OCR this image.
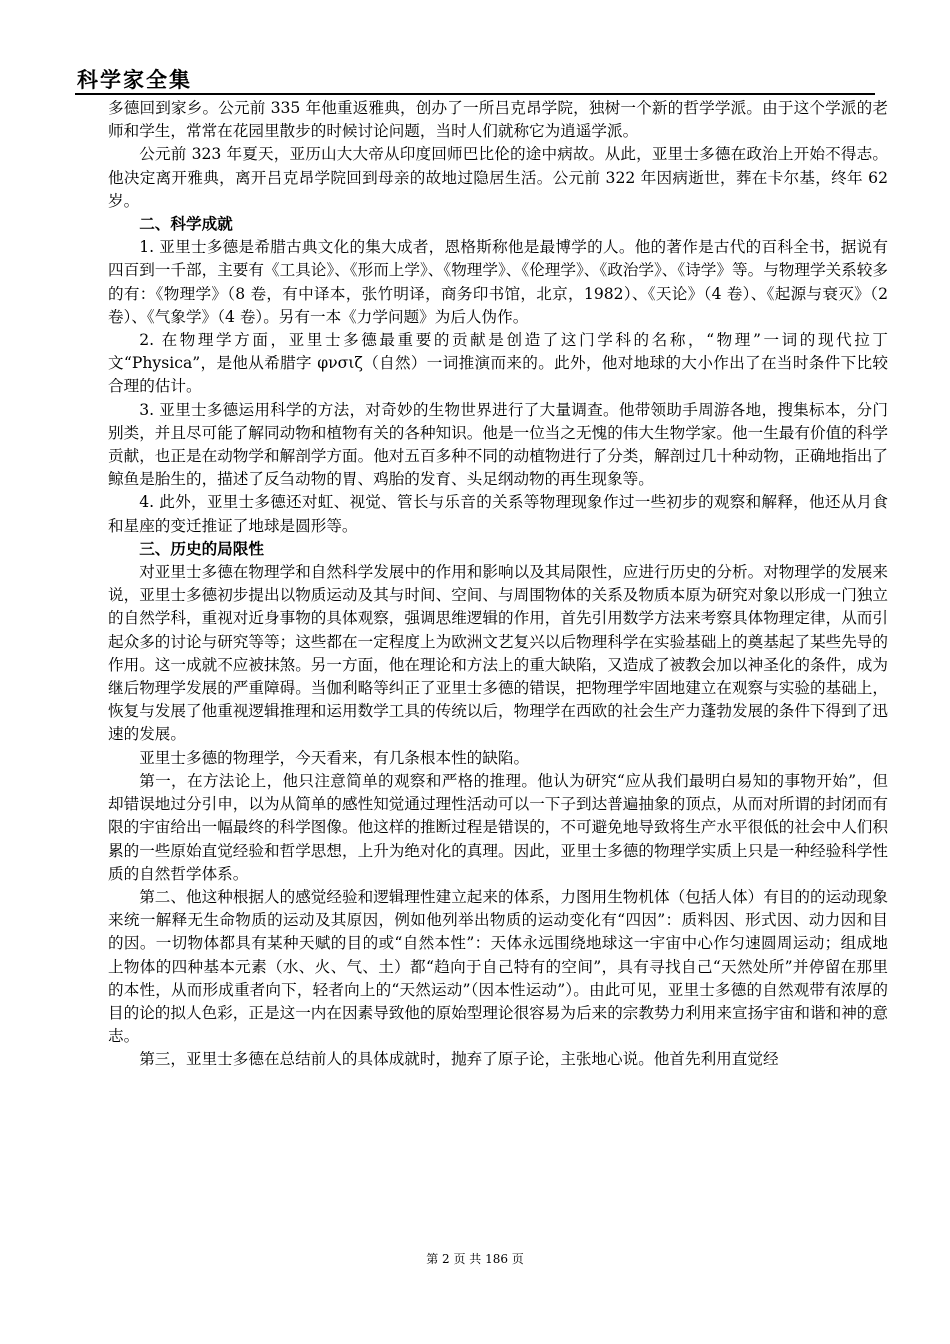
科学家全集

多德回到家乡。公元前 335 年他重返雅典，创办了一所吕克昂学院，独树一个新的哲学学派。由于这个学派的老师和学生，常常在花园里散步的时候讨论问题，当时人们就称它为逍遥学派。

公元前 323 年夏天，亚历山大大帝从印度回师巴比伦的途中病故。从此，亚里士多德在政治上开始不得志。他决定离开雅典，离开吕克昂学院回到母亲的故地过隐居生活。公元前 322 年因病逝世，葬在卡尔基，终年 62 岁。

二、科学成就

1. 亚里士多德是希腊古典文化的集大成者，恩格斯称他是最博学的人。他的著作是古代的百科全书，据说有四百到一千部，主要有《工具论》、《形而上学》、《物理学》、《伦理学》、《政治学》、《诗学》等。与物理学关系较多的有：《物理学》（8 卷，有中译本，张竹明译，商务印书馆，北京，1982）、《天论》（4 卷）、《起源与衰灭》（2 卷）、《气象学》（4 卷）。另有一本《力学问题》为后人伪作。

2. 在物理学方面，亚里士多德最重要的贡献是创造了这门学科的名称，“物理”一词的现代拉丁文“Physica”，是他从希腊字 φνσιζ（自然）一词推演而来的。此外，他对地球的大小作出了在当时条件下比较合理的估计。

3. 亚里士多德运用科学的方法，对奇妙的生物世界进行了大量调查。他带领助手周游各地，搜集标本，分门别类，并且尽可能了解同动物和植物有关的各种知识。他是一位当之无愧的伟大生物学家。他一生最有价值的科学贡献，也正是在动物学和解剖学方面。他对五百多种不同的动植物进行了分类，解剖过几十种动物，正确地指出了鲸鱼是胎生的，描述了反刍动物的胃、鸡胎的发育、头足纲动物的再生现象等。

4. 此外，亚里士多德还对虹、视觉、管长与乐音的关系等物理现象作过一些初步的观察和解释，他还从月食和星座的变迁推证了地球是圆形等。

三、历史的局限性

对亚里士多德在物理学和自然科学发展中的作用和影响以及其局限性，应进行历史的分析。对物理学的发展来说，亚里士多德初步提出以物质运动及其与时间、空间、与周围物体的关系及物质本原为研究对象以形成一门独立的自然学科，重视对近身事物的具体观察，强调思维逻辑的作用，首先引用数学方法来考察具体物理定律，从而引起众多的讨论与研究等等；这些都在一定程度上为欧洲文艺复兴以后物理科学在实验基础上的奠基起了某些先导的作用。这一成就不应被抹煞。另一方面，他在理论和方法上的重大缺陷，又造成了被教会加以神圣化的条件，成为继后物理学发展的严重障碍。当伽利略等纠正了亚里士多德的错误，把物理学牢固地建立在观察与实验的基础上，恢复与发展了他重视逻辑推理和运用数学工具的传统以后，物理学在西欧的社会生产力蓬勃发展的条件下得到了迅速的发展。

亚里士多德的物理学，今天看来，有几条根本性的缺陷。

第一，在方法论上，他只注意简单的观察和严格的推理。他认为研究“应从我们最明白易知的事物开始”，但却错误地过分引申，以为从简单的感性知觉通过理性活动可以一下子到达普遍抽象的顶点，从而对所谓的封闭而有限的宇宙给出一幅最终的科学图像。他这样的推断过程是错误的，不可避免地导致将生产水平很低的社会中人们积累的一些原始直觉经验和哲学思想，上升为绝对化的真理。因此，亚里士多德的物理学实质上只是一种经验科学性质的自然哲学体系。

第二、他这种根据人的感觉经验和逻辑理性建立起来的体系，力图用生物机体（包括人体）有目的的运动现象来统一解释无生命物质的运动及其原因，例如他列举出物质的运动变化有“四因”：质料因、形式因、动力因和目的因。一切物体都具有某种天赋的目的或“自然本性”：天体永远围绕地球这一宇宙中心作匀速圆周运动；组成地上物体的四种基本元素（水、火、气、土）都“趋向于自己特有的空间”，具有寻找自己“天然处所”并停留在那里的本性，从而形成重者向下，轻者向上的“天然运动”（因本性运动”）。由此可见，亚里士多德的自然观带有浓厚的目的论的拟人色彩，正是这一内在因素导致他的原始型理论很容易为后来的宗教势力利用来宣扬宇宙和谐和神的意志。

第三，亚里士多德在总结前人的具体成就时，抛弃了原子论，主张地心说。他首先利用直觉经

第 2 页 共 186 页
